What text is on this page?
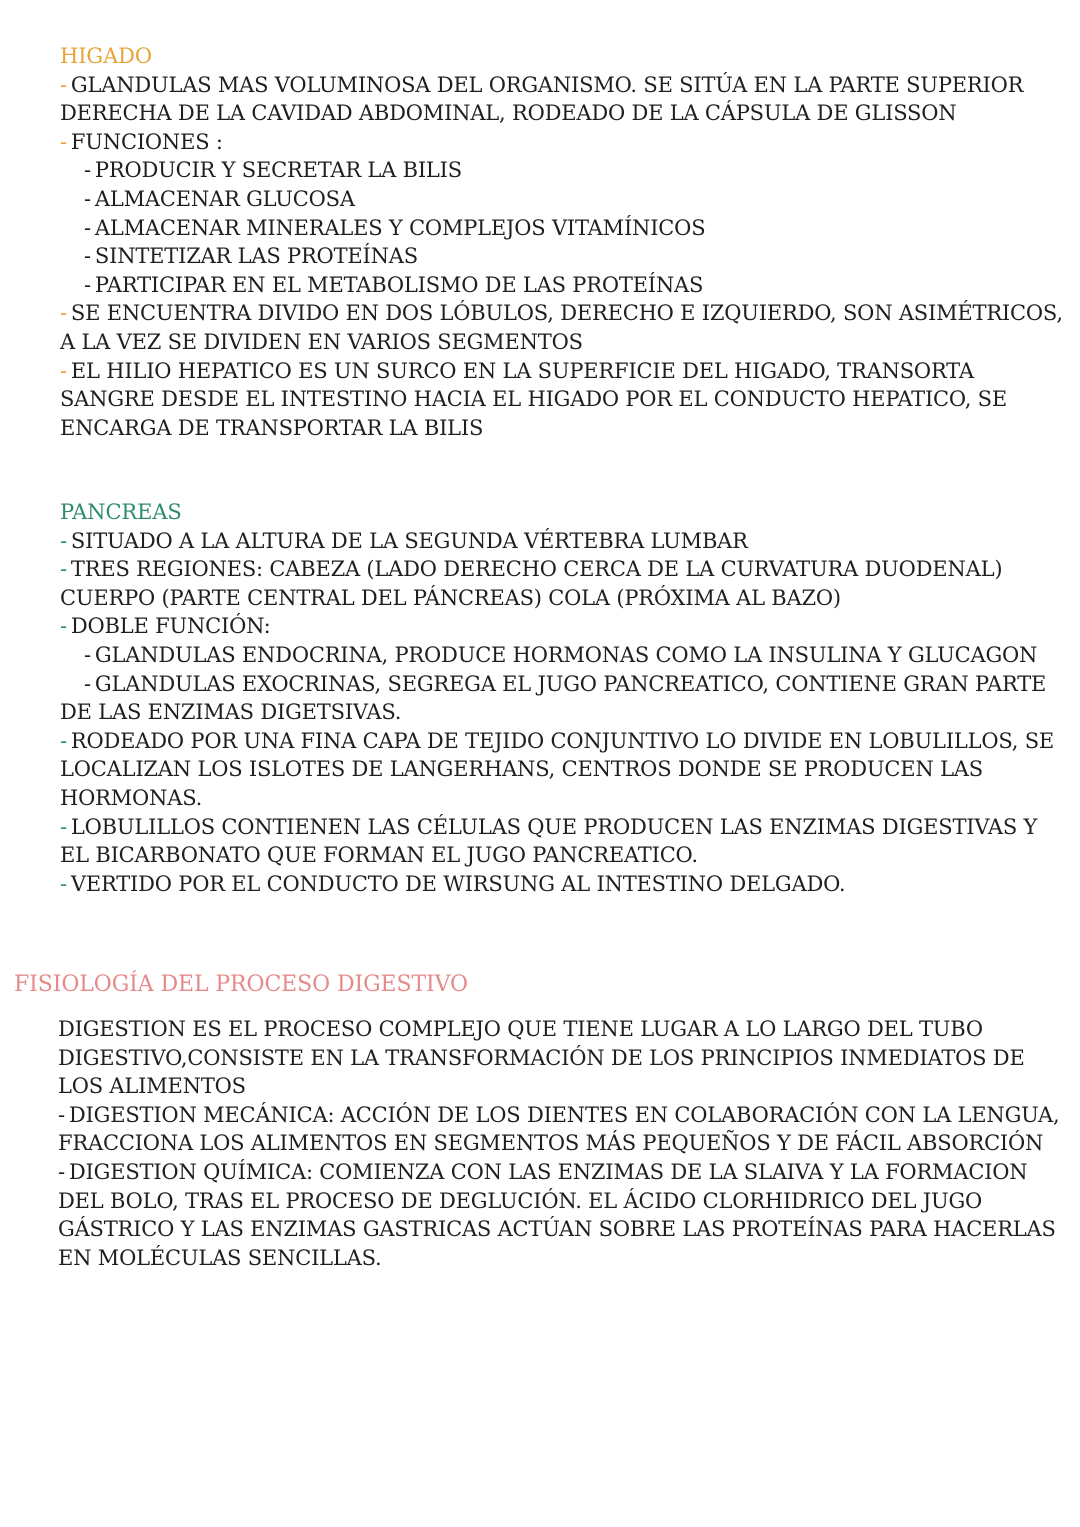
HIGADO
- GLANDULAS MAS VOLUMINOSA DEL ORGANISMO. SE SITÚA EN LA PARTE SUPERIOR DERECHA DE LA CAVIDAD ABDOMINAL, RODEADO DE LA CÁPSULA DE GLISSON
- FUNCIONES :
- PRODUCIR Y SECRETAR LA BILIS
- ALMACENAR GLUCOSA
- ALMACENAR MINERALES Y COMPLEJOS VITAMÍNICOS
- SINTETIZAR LAS PROTEÍNAS
- PARTICIPAR EN EL METABOLISMO DE LAS PROTEÍNAS
- SE ENCUENTRA DIVIDO EN DOS LÓBULOS, DERECHO E IZQUIERDO, SON ASIMÉTRICOS, A LA VEZ SE DIVIDEN EN VARIOS SEGMENTOS
- EL HILIO HEPATICO ES UN SURCO EN LA SUPERFICIE DEL HIGADO, TRANSORTA SANGRE DESDE EL INTESTINO HACIA EL HIGADO POR EL CONDUCTO HEPATICO, SE ENCARGA DE TRANSPORTAR LA BILIS
PANCREAS
- SITUADO A LA ALTURA DE LA SEGUNDA VÉRTEBRA LUMBAR
- TRES REGIONES: CABEZA (LADO DERECHO CERCA DE LA CURVATURA DUODENAL) CUERPO (PARTE CENTRAL DEL PÁNCREAS) COLA (PRÓXIMA AL BAZO)
- DOBLE FUNCIÓN:
- GLANDULAS ENDOCRINA, PRODUCE HORMONAS COMO LA INSULINA Y GLUCAGON
- GLANDULAS EXOCRINAS, SEGREGA EL JUGO PANCREATICO, CONTIENE GRAN PARTE DE LAS ENZIMAS DIGETSIVAS.
- RODEADO POR UNA FINA CAPA DE TEJIDO CONJUNTIVO LO DIVIDE EN LOBULILLOS, SE LOCALIZAN LOS ISLOTES DE LANGERHANS, CENTROS DONDE SE PRODUCEN LAS HORMONAS.
- LOBULILLOS CONTIENEN LAS CÉLULAS QUE PRODUCEN LAS ENZIMAS DIGESTIVAS Y EL BICARBONATO QUE FORMAN EL JUGO PANCREATICO.
- VERTIDO POR EL CONDUCTO DE WIRSUNG AL INTESTINO DELGADO.
FISIOLOGÍA DEL PROCESO DIGESTIVO
DIGESTION ES EL PROCESO COMPLEJO QUE TIENE LUGAR A LO LARGO DEL TUBO DIGESTIVO,CONSISTE EN LA TRANSFORMACIÓN DE LOS PRINCIPIOS INMEDIATOS DE LOS ALIMENTOS
- DIGESTION MECÁNICA: ACCIÓN DE LOS DIENTES EN COLABORACIÓN CON LA LENGUA, FRACCIONA LOS ALIMENTOS EN SEGMENTOS MÁS PEQUEÑOS Y DE FÁCIL ABSORCIÓN
- DIGESTION QUÍMICA: COMIENZA CON LAS ENZIMAS DE LA SLAIVA Y LA FORMACION DEL BOLO, TRAS EL PROCESO DE DEGLUCIÓN. EL ÁCIDO CLORHIDRICO DEL JUGO GÁSTRICO Y LAS ENZIMAS GASTRICAS ACTÚAN SOBRE LAS PROTEÍNAS PARA HACERLAS EN MOLÉCULAS SENCILLAS.
